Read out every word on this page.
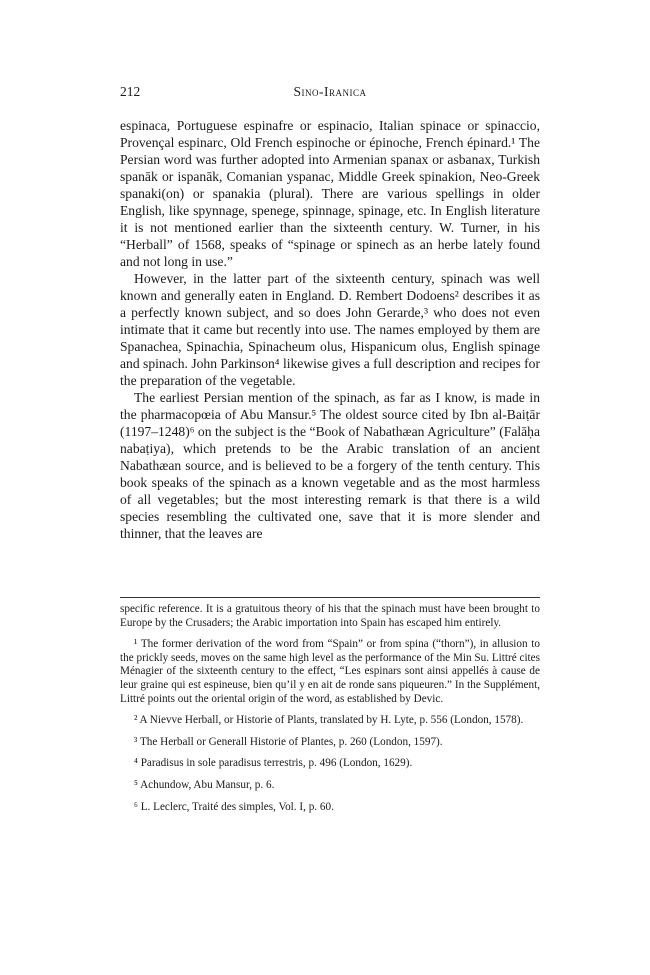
212	Sino-Iranica

espinaca, Portuguese espinafre or espinacio, Italian spinace or spinaccio, Provençal espinarc, Old French espinoche or épinoche, French épinard.¹ The Persian word was further adopted into Armenian spanax or asbanax, Turkish spanāk or ispanāk, Comanian yspanac, Middle Greek spinakion, Neo-Greek spanaki(on) or spanakia (plural). There are various spellings in older English, like spynnage, spenege, spinnage, spinage, etc. In English literature it is not mentioned earlier than the sixteenth century. W. Turner, in his “Herball” of 1568, speaks of “spinage or spinech as an herbe lately found and not long in use.”

However, in the latter part of the sixteenth century, spinach was well known and generally eaten in England. D. Rembert Dodoens² describes it as a perfectly known subject, and so does John Gerarde,³ who does not even intimate that it came but recently into use. The names employed by them are Spanachea, Spinachia, Spinacheum olus, Hispanicum olus, English spinage and spinach. John Parkinson⁴ likewise gives a full description and recipes for the preparation of the vegetable.

The earliest Persian mention of the spinach, as far as I know, is made in the pharmacopœia of Abu Mansur.⁵ The oldest source cited by Ibn al-Baiṭār (1197–1248)⁶ on the subject is the “Book of Nabathæan Agriculture” (Falāḥa nabaṭiya), which pretends to be the Arabic translation of an ancient Nabathæan source, and is believed to be a forgery of the tenth century. This book speaks of the spinach as a known vegetable and as the most harmless of all vegetables; but the most interesting remark is that there is a wild species resembling the cultivated one, save that it is more slender and thinner, that the leaves are

specific reference. It is a gratuitous theory of his that the spinach must have been brought to Europe by the Crusaders; the Arabic importation into Spain has escaped him entirely.

¹ The former derivation of the word from “Spain” or from spina (“thorn”), in allusion to the prickly seeds, moves on the same high level as the performance of the Min Su. Littré cites Ménagier of the sixteenth century to the effect, “Les espinars sont ainsi appellés à cause de leur graine qui est espineuse, bien qu’il y en ait de ronde sans piqueuren.” In the Supplément, Littré points out the oriental origin of the word, as established by Devic.

² A Nievve Herball, or Historie of Plants, translated by H. Lyte, p. 556 (London, 1578).

³ The Herball or Generall Historie of Plantes, p. 260 (London, 1597).

⁴ Paradisus in sole paradisus terrestris, p. 496 (London, 1629).

⁵ Achundow, Abu Mansur, p. 6.

⁶ L. Leclerc, Traité des simples, Vol. I, p. 60.
